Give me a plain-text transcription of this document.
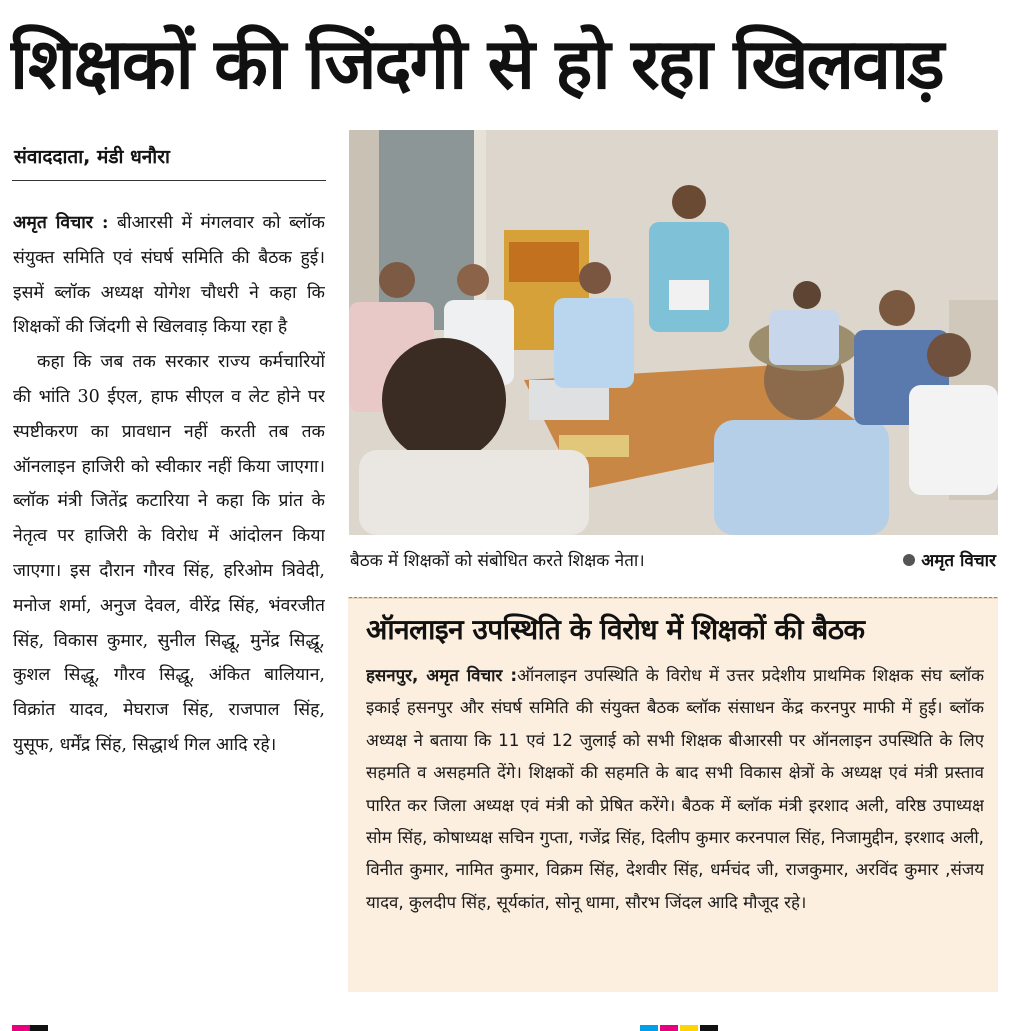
शिक्षकों की जिंदगी से हो रहा खिलवाड़
संवाददाता, मंडी धनौरा

अमृत विचार : बीआरसी में मंगलवार को ब्लॉक संयुक्त समिति एवं संघर्ष समिति की बैठक हुई। इसमें ब्लॉक अध्यक्ष योगेश चौधरी ने कहा कि शिक्षकों की जिंदगी से खिलवाड़ किया रहा है

कहा कि जब तक सरकार राज्य कर्मचारियों की भांति 30 ईएल, हाफ सीएल व लेट होने पर स्पष्टीकरण का प्रावधान नहीं करती तब तक ऑनलाइन हाजिरी को स्वीकार नहीं किया जाएगा। ब्लॉक मंत्री जितेंद्र कटारिया ने कहा कि प्रांत के नेतृत्व पर हाजिरी के विरोध में आंदोलन किया जाएगा। इस दौरान गौरव सिंह, हरिओम त्रिवेदी, मनोज शर्मा, अनुज देवल, वीरेंद्र सिंह, भंवरजीत सिंह, विकास कुमार, सुनील सिद्धू, मुनेंद्र सिद्धू, कुशल सिद्धू, गौरव सिद्धू, अंकित बालियान, विक्रांत यादव, मेघराज सिंह, राजपाल सिंह, युसूफ, धर्मेंद्र सिंह, सिद्धार्थ गिल आदि रहे।

बैठक में शिक्षकों को संबोधित करते शिक्षक नेता।	अमृत विचार
ऑनलाइन उपस्थिति के विरोध में शिक्षकों की बैठक

हसनपुर, अमृत विचार :ऑनलाइन उपस्थिति के विरोध में उत्तर प्रदेशीय प्राथमिक शिक्षक संघ ब्लॉक इकाई हसनपुर और संघर्ष समिति की संयुक्त बैठक ब्लॉक संसाधन केंद्र करनपुर माफी में हुई। ब्लॉक अध्यक्ष ने बताया कि 11 एवं 12 जुलाई को सभी शिक्षक बीआरसी पर ऑनलाइन उपस्थिति के लिए सहमति व असहमति देंगे। शिक्षकों की सहमति के बाद सभी विकास क्षेत्रों के अध्यक्ष एवं मंत्री प्रस्ताव पारित कर जिला अध्यक्ष एवं मंत्री को प्रेषित करेंगे। बैठक में ब्लॉक मंत्री इरशाद अली, वरिष्ठ उपाध्यक्ष सोम सिंह, कोषाध्यक्ष सचिन गुप्ता, गजेंद्र सिंह, दिलीप कुमार करनपाल सिंह, निजामुद्दीन, इरशाद अली, विनीत कुमार, नामित कुमार, विक्रम सिंह, देशवीर सिंह, धर्मचंद जी, राजकुमार, अरविंद कुमार ,संजय यादव, कुलदीप सिंह, सूर्यकांत, सोनू धामा, सौरभ जिंदल आदि मौजूद रहे।
